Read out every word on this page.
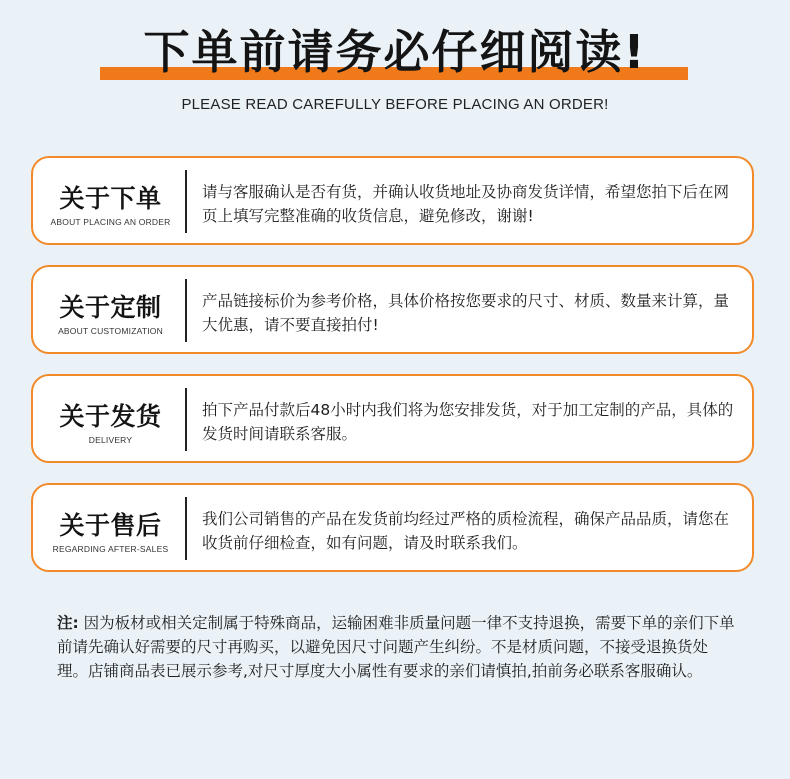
下单前请务必仔细阅读!
PLEASE READ CAREFULLY BEFORE PLACING AN ORDER!
关于下单
ABOUT PLACING AN ORDER
请与客服确认是否有货，并确认收货地址及协商发货详情，希望您拍下后在网页上填写完整准确的收货信息，避免修改，谢谢!
关于定制
ABOUT CUSTOMIZATION
产品链接标价为参考价格，具体价格按您要求的尺寸、材质、数量来计算，量大优惠，请不要直接拍付!
关于发货
DELIVERY
拍下产品付款后48小时内我们将为您安排发货，对于加工定制的产品，具体的发货时间请联系客服。
关于售后
REGARDING AFTER-SALES
我们公司销售的产品在发货前均经过严格的质检流程，确保产品品质，请您在收货前仔细检查，如有问题，请及时联系我们。
注: 因为板材或相关定制属于特殊商品，运输困难非质量问题一律不支持退换，需要下单的亲们下单前请先确认好需要的尺寸再购买，以避免因尺寸问题产生纠纷。不是材质问题，不接受退换货处理。店铺商品表已展示参考,对尺寸厚度大小属性有要求的亲们请慎拍,拍前务必联系客服确认。
